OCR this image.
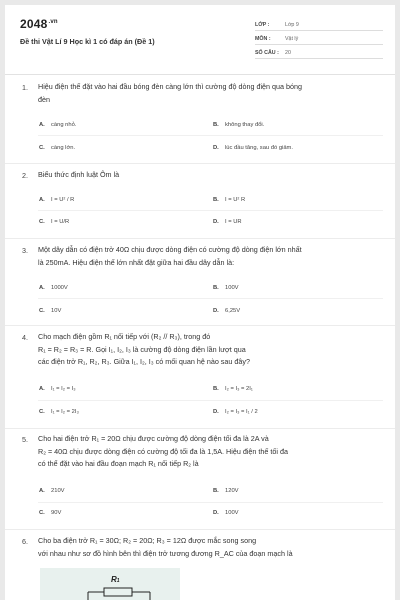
$2048^{.vn}$
Đề thi Vật Lí 9 Học kì 1 có đáp án (Đề 1)
LỚP :	Lớp 9
MÔN :	Vật lý
SỐ CÂU :	20
1. Hiệu điện thế đặt vào hai đầu bóng đèn càng lớn thì cường độ dòng điện qua bóng
đèn
A. càng nhỏ.	B. không thay đổi.
C. càng lớn.	D. lúc đầu tăng, sau đó giảm.
2. Biểu thức định luật Ôm là
A. I = U² / R	B. I = U² R
C. I = U/R	D. I = UR
3. Một dây dẫn có điện trở 40Ω chịu được dòng điện có cường độ dòng điện lớn nhất
là 250mA. Hiệu điện thế lớn nhất đặt giữa hai đầu dây dẫn là:
A. 1000V	B. 100V
C. 10V	D. 6,25V
4. Cho mạch điện gồm R₁ nối tiếp với (R₂ // R₃), trong đó
R₁ = R₂ = R₃ = R. Gọi I₁, I₂, I₃ là cường độ dòng điện lần lượt qua
các điện trở R₁, R₂, R₃. Giữa I₁, I₂, I₃ có mối quan hệ nào sau đây?
A. I₁ = I₂ = I₃	B. I₂ = I₃ = 2I₁
C. I₁ = I₂ = 2I₃	D. I₂ = I₃ = I₁ / 2
5. Cho hai điện trở R₁ = 20Ω chịu được cường độ dòng điện tối đa là 2A và
R₂ = 40Ω chịu được dòng điện có cường độ tối đa là 1,5A. Hiệu điện thế tối đa
có thể đặt vào hai đầu đoạn mạch R₁ nối tiếp R₂ là
A. 210V	B. 120V
C. 90V	D. 100V
6. Cho ba điện trở R₁ = 30Ω; R₂ = 20Ω; R₃ = 12Ω được mắc song song
với nhau như sơ đồ hình bên thì điện trở tương đương R_AC của đoạn mạch là
R1
